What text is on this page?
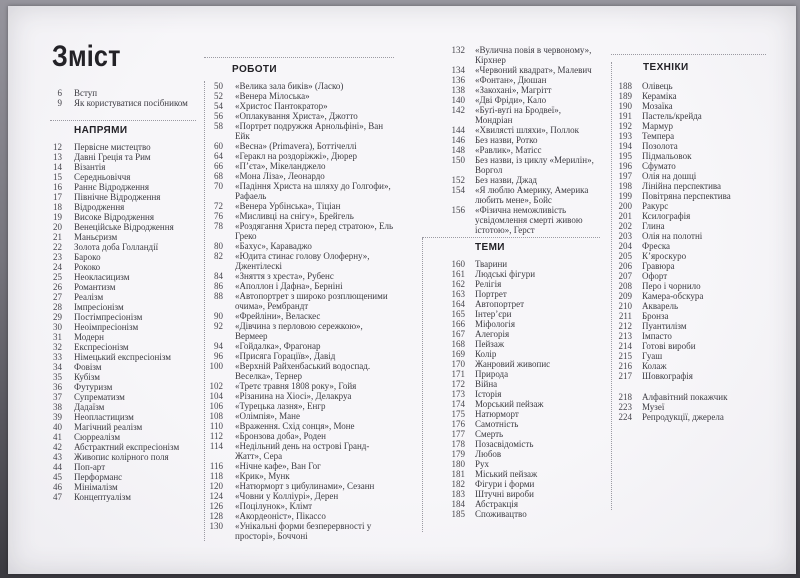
Зміст
6	Вступ
9	Як користуватися посібником
НАПРЯМИ
12	Первісне мистецтво
13	Давні Греція та Рим
14	Візантія
15	Середньовіччя
16	Раннє Відродження
17	Північне Відродження
18	Відродження
19	Високе Відродження
20	Венеційське Відродження
21	Маньєризм
22	Золота доба Голландії
23	Бароко
24	Рококо
25	Неокласицизм
26	Романтизм
27	Реалізм
28	Імпресіонізм
29	Постімпресіонізм
30	Неоімпресіонізм
31	Модерн
32	Експресіонізм
33	Німецький експресіонізм
34	Фовізм
35	Кубізм
36	Футуризм
37	Супрематизм
38	Дадаїзм
39	Неопластицизм
40	Магічний реалізм
41	Сюрреалізм
42	Абстрактний експресіонізм
43	Живопис колірного поля
44	Поп-арт
45	Перформанс
46	Мінімалізм
47	Концептуалізм
РОБОТИ
50	«Велика зала биків» (Ласко)
52	«Венера Мілоська»
54	«Христос Пантократор»
56	«Оплакування Христа», Джотто
58	«Портрет подружжя Арнольфіні», Ван Ейк
60	«Весна» (Primavera), Боттічеллі
64	«Геракл на роздоріжжі», Дюрер
66	«П’єта», Мікеланджело
68	«Мона Ліза», Леонардо
70	«Падіння Христа на шляху до Голгофи», Рафаель
72	«Венера Урбінська», Тіціан
76	«Мисливці на снігу», Брейгель
78	«Роздягання Христа перед стратою», Ель Греко
80	«Бахус», Караваджо
82	«Юдита стинає голову Олоферну», Джентілескі
84	«Зняття з хреста», Рубенс
86	«Аполлон і Дафна», Берніні
88	«Автопортрет з широко розплющеними очима», Рембрандт
90	«Фрейліни», Веласкес
92	«Дівчина з перловою сережкою», Вермеер
94	«Гойдалка», Фрагонар
96	«Присяга Гораціїв», Давід
100	«Верхній Райхенбаський водоспад. Веселка», Тернер
102	«Третє травня 1808 року», Гойя
104	«Різанина на Хіосі», Делакруа
106	«Турецька лазня», Енгр
108	«Олімпія», Мане
110	«Враження. Схід сонця», Моне
112	«Бронзова доба», Роден
114	«Недільний день на острові Гранд-Жатт», Сера
116	«Нічне кафе», Ван Гог
118	«Крик», Мунк
120	«Натюрморт з цибулинами», Сезанн
124	«Човни у Колліурі», Дерен
126	«Поцілунок», Клімт
128	«Акордеоніст», Пікассо
130	«Унікальні форми безперервності у просторі», Боччоні
132	«Вулична повія в червоному», Кірхнер
134	«Червоний квадрат», Малевич
136	«Фонтан», Дюшан
138	«Закохані», Магрітт
140	«Дві Фріди», Кало
142	«Буґі-вуґі на Бродвеї», Мондріан
144	«Хвилясті шляхи», Поллок
146	Без назви, Ротко
148	«Равлик», Матісс
150	Без назви, із циклу «Мерилін», Воргол
152	Без назви, Джад
154	«Я люблю Америку, Америка любить мене», Бойс
156	«Фізична неможливість усвідомлення смерті живою істотою», Герст
ТЕМИ
160	Тварини
161	Людські фігури
162	Релігія
163	Портрет
164	Автопортрет
165	Інтер’єри
166	Міфологія
167	Алегорія
168	Пейзаж
169	Колір
170	Жанровий живопис
171	Природа
172	Війна
173	Історія
174	Морський пейзаж
175	Натюрморт
176	Самотність
177	Смерть
178	Позасвідомість
179	Любов
180	Рух
181	Міський пейзаж
182	Фігури і форми
183	Штучні вироби
184	Абстракція
185	Споживацтво
ТЕХНІКИ
188	Олівець
189	Кераміка
190	Мозаїка
191	Пастель/крейда
192	Мармур
193	Темпера
194	Позолота
195	Підмальовок
196	Сфумато
197	Олія на дошці
198	Лінійна перспектива
199	Повітряна перспектива
200	Ракурс
201	Ксилографія
202	Глина
203	Олія на полотні
204	Фреска
205	К’яроскуро
206	Гравюра
207	Офорт
208	Перо і чорнило
209	Камера-обскура
210	Акварель
211	Бронза
212	Пуантилізм
213	Імпасто
214	Готові вироби
215	Гуаш
216	Колаж
217	Шовкографія
218	Алфавітний покажчик
223	Музеї
224	Репродукції, джерела
